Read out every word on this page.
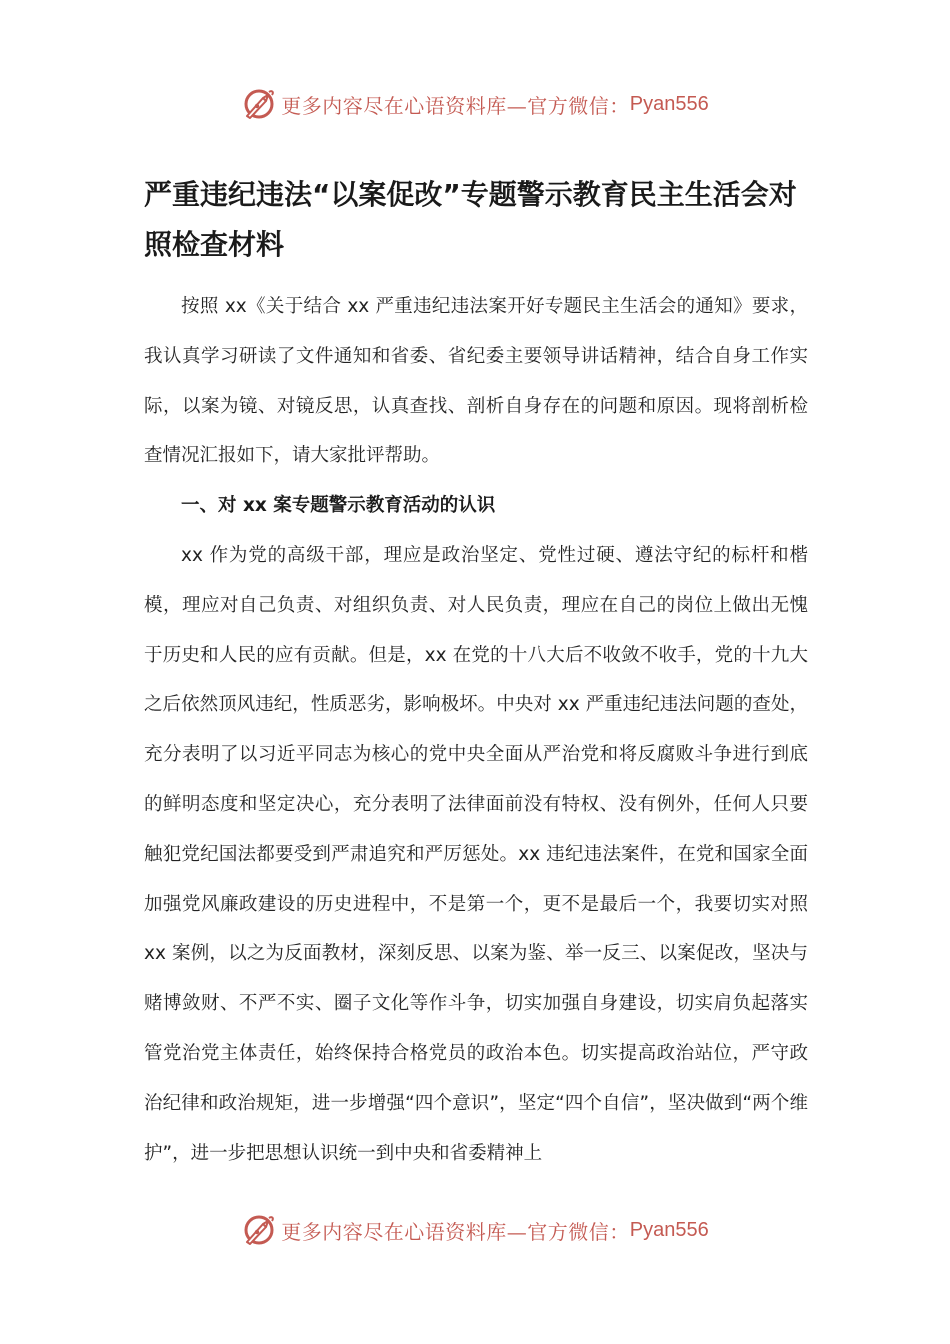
更多内容尽在心语资料库—官方微信： Pyan556
严重违纪违法“以案促改”专题警示教育民主生活会对照检查材料

按照 xx《关于结合 xx 严重违纪违法案开好专题民主生活会的通知》要求，我认真学习研读了文件通知和省委、省纪委主要领导讲话精神，结合自身工作实际，以案为镜、对镜反思，认真查找、剖析自身存在的问题和原因。现将剖析检查情况汇报如下，请大家批评帮助。

一、对 xx 案专题警示教育活动的认识

xx 作为党的高级干部，理应是政治坚定、党性过硬、遵法守纪的标杆和楷模，理应对自己负责、对组织负责、对人民负责，理应在自己的岗位上做出无愧于历史和人民的应有贡献。但是，xx 在党的十八大后不收敛不收手，党的十九大之后依然顶风违纪，性质恶劣，影响极坏。中央对 xx 严重违纪违法问题的查处，充分表明了以习近平同志为核心的党中央全面从严治党和将反腐败斗争进行到底的鲜明态度和坚定决心，充分表明了法律面前没有特权、没有例外，任何人只要触犯党纪国法都要受到严肃追究和严厉惩处。xx 违纪违法案件，在党和国家全面加强党风廉政建设的历史进程中，不是第一个，更不是最后一个，我要切实对照 xx 案例，以之为反面教材，深刻反思、以案为鉴、举一反三、以案促改，坚决与赌博敛财、不严不实、圈子文化等作斗争，切实加强自身建设，切实肩负起落实管党治党主体责任，始终保持合格党员的政治本色。切实提高政治站位，严守政治纪律和政治规矩，进一步增强“四个意识”，坚定“四个自信”，坚决做到“两个维护”，进一步把思想认识统一到中央和省委精神上

更多内容尽在心语资料库—官方微信： Pyan556
